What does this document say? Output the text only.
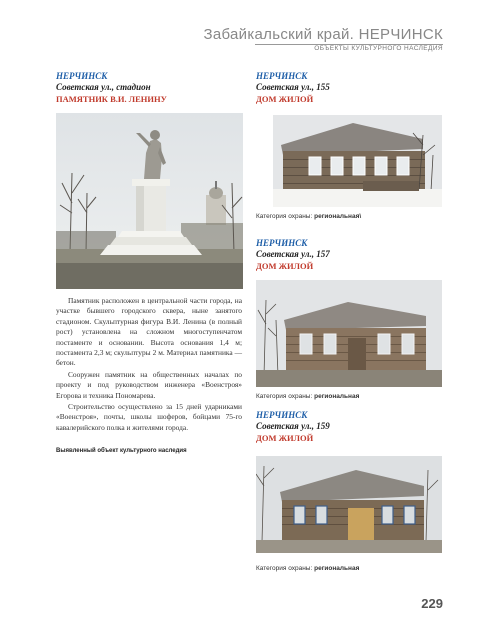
Забайкальский край. НЕРЧИНСК
ОБЪЕКТЫ КУЛЬТУРНОГО НАСЛЕДИЯ
НЕРЧИНСК
Советская ул., стадион
ПАМЯТНИК В.И. ЛЕНИНУ

Памятник расположен в центральной части города, на участке бывшего городского сквера, ныне занятого стадионом. Скульптурная фигура В.И. Ленина (в полный рост) установлена на сложном многоступенчатом постаменте и основании. Высота основания 1,4 м; постамента 2,3 м; скульптуры 2 м. Материал памятника — бетон.

Сооружен памятник на общественных началах по проекту и под руководством инженера «Военстроя» Егорова и техника Пономарева.

Строительство осуществлено за 15 дней ударниками «Военстроя», почты, школы шоферов, бойцами 75-го кавалерийского полка и жителями города.

Выявленный объект культурного наследия
НЕРЧИНСК
Советская ул., 155
ДОМ ЖИЛОЙ
Категория охраны: региональная\
НЕРЧИНСК
Советская ул., 157
ДОМ ЖИЛОЙ
Категория охраны: региональная
НЕРЧИНСК
Советская ул., 159
ДОМ ЖИЛОЙ
Категория охраны: региональная
229
